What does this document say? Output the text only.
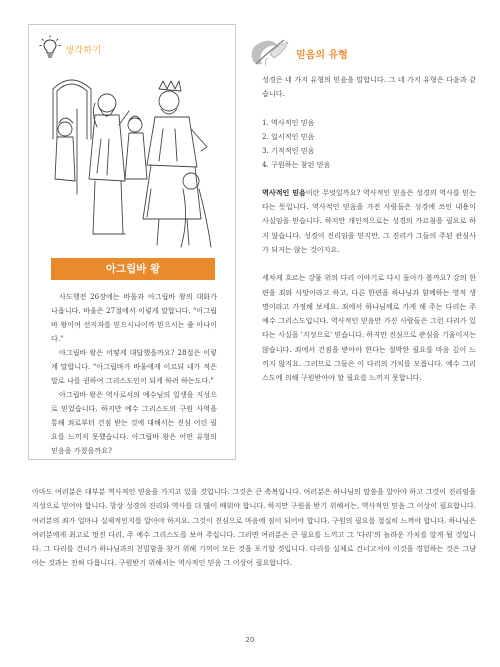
생각하기
아그립바 왕

사도행전 26장에는 바울과 아그립바 왕의 대화가 나옵니다. 바울은 27절에서 이렇게 말합니다. "아그립바 왕이여 선지자를 믿으시나이까 믿으시는 줄 아나이다."

아그립바 왕은 어떻게 대답했을까요? 28절은 이렇게 말합니다. "아그립바가 바울에게 이르되 네가 적은 말로 나를 권하여 그리스도인이 되게 하려 하는도다."

아그립바 왕은 역사로서의 예수님의 일생을 지성으로 믿었습니다. 하지만 예수 그리스도의 구원 사역을 통해 죄로부터 건짐 받는 것에 대해서는 진심 어린 필요를 느끼지 못했습니다. 아그립바 왕은 어떤 유형의 믿음을 가졌을까요?

믿음의 유형

성경은 네 가지 유형의 믿음을 말합니다. 그 네 가지 유형은 다음과 같습니다.

1. 역사적인 믿음
2. 일시적인 믿음
3. 기적적인 믿음
4. 구원하는 참된 믿음

역사적인 믿음이란 무엇일까요? 역사적인 믿음은 성경의 역사를 믿는다는 뜻입니다. 역사적인 믿음을 가진 사람들은 성경에 쓰인 내용이 사실임을 믿습니다. 하지만 개인적으로는 성경의 가르침을 필요로 하지 않습니다. 성경이 진리임을 믿지만, 그 진리가 그들의 주된 관심사가 되지는 않는 것이지요.

세차게 흐르는 강물 위의 다리 이야기로 다시 돌아가 볼까요? 강의 한편을 죄와 사망이라고 하고, 다른 한편을 하나님과 함께하는 영적 생명이라고 가정해 보세요. 죄에서 하나님께로 가게 해 주는 다리는 주 예수 그리스도입니다. 역사적인 믿음만 가진 사람들은 그런 다리가 있다는 사실을 '지성으로' 믿습니다. 하지만 진심으로 관심을 기울이지는 않습니다. 죄에서 건짐을 받아야 한다는 절박한 필요를 마음 깊이 느끼지 않지요. 그러므로 그들은 이 다리의 가치를 모릅니다. 예수 그리스도에 의해 구원받아야 할 필요를 느끼지 못합니다.

아마도 여러분은 대부분 역사적인 믿음을 가지고 있을 것입니다. 그것은 큰 축복입니다. 여러분은 하나님의 말씀을 알아야 하고 그것이 진리임을 지성으로 믿어야 합니다. 항상 성경의 진리와 역사를 더 많이 배워야 합니다. 하지만 구원을 받기 위해서는, 역사적인 믿음 그 이상이 필요합니다. 여러분의 죄가 얼마나 실제적인지를 알아야 하지요. 그것이 진심으로 마음에 짐이 되어야 합니다. 구원의 필요를 절실히 느껴야 합니다. 하나님은 여러분에게 최고로 멋진 다리, 주 예수 그리스도를 보여 주십니다. 그러면 여러분은 큰 필요를 느끼고 그 '다리'의 놀라운 가치를 알게 될 것입니다. 그 다리를 건너가 하나님과의 친밀함을 찾기 위해 기꺼이 모든 것을 포기할 것입니다. 다리를 실제로 건너고서야 이것을 경험하는 것은 그냥 아는 것과는 전혀 다릅니다. 구원받기 위해서는 역사적인 믿음 그 이상이 필요합니다.

20
